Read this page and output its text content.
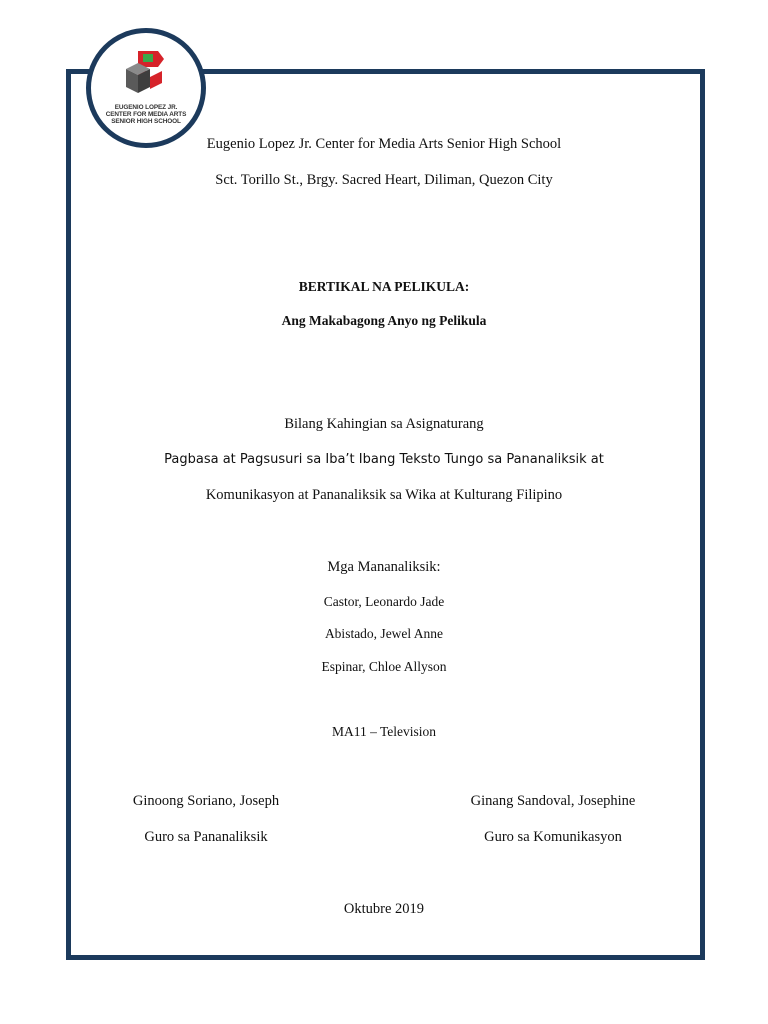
EUGENIO LOPEZ JR.
CENTER FOR MEDIA ARTS
SENIOR HIGH SCHOOL
Eugenio Lopez Jr. Center for Media Arts Senior High School
Sct. Torillo St., Brgy. Sacred Heart, Diliman, Quezon City
BERTIKAL NA PELIKULA:
Ang Makabagong Anyo ng Pelikula
Bilang Kahingian sa Asignaturang
Pagbasa at Pagsusuri sa Iba’t Ibang Teksto Tungo sa Pananaliksik at
Komunikasyon at Pananaliksik sa Wika at Kulturang Filipino
Mga Mananaliksik:
Castor, Leonardo Jade
Abistado, Jewel Anne
Espinar, Chloe Allyson
MA11 – Television
Ginoong Soriano, Joseph
Guro sa Pananaliksik
Ginang Sandoval, Josephine
Guro sa Komunikasyon
Oktubre 2019
